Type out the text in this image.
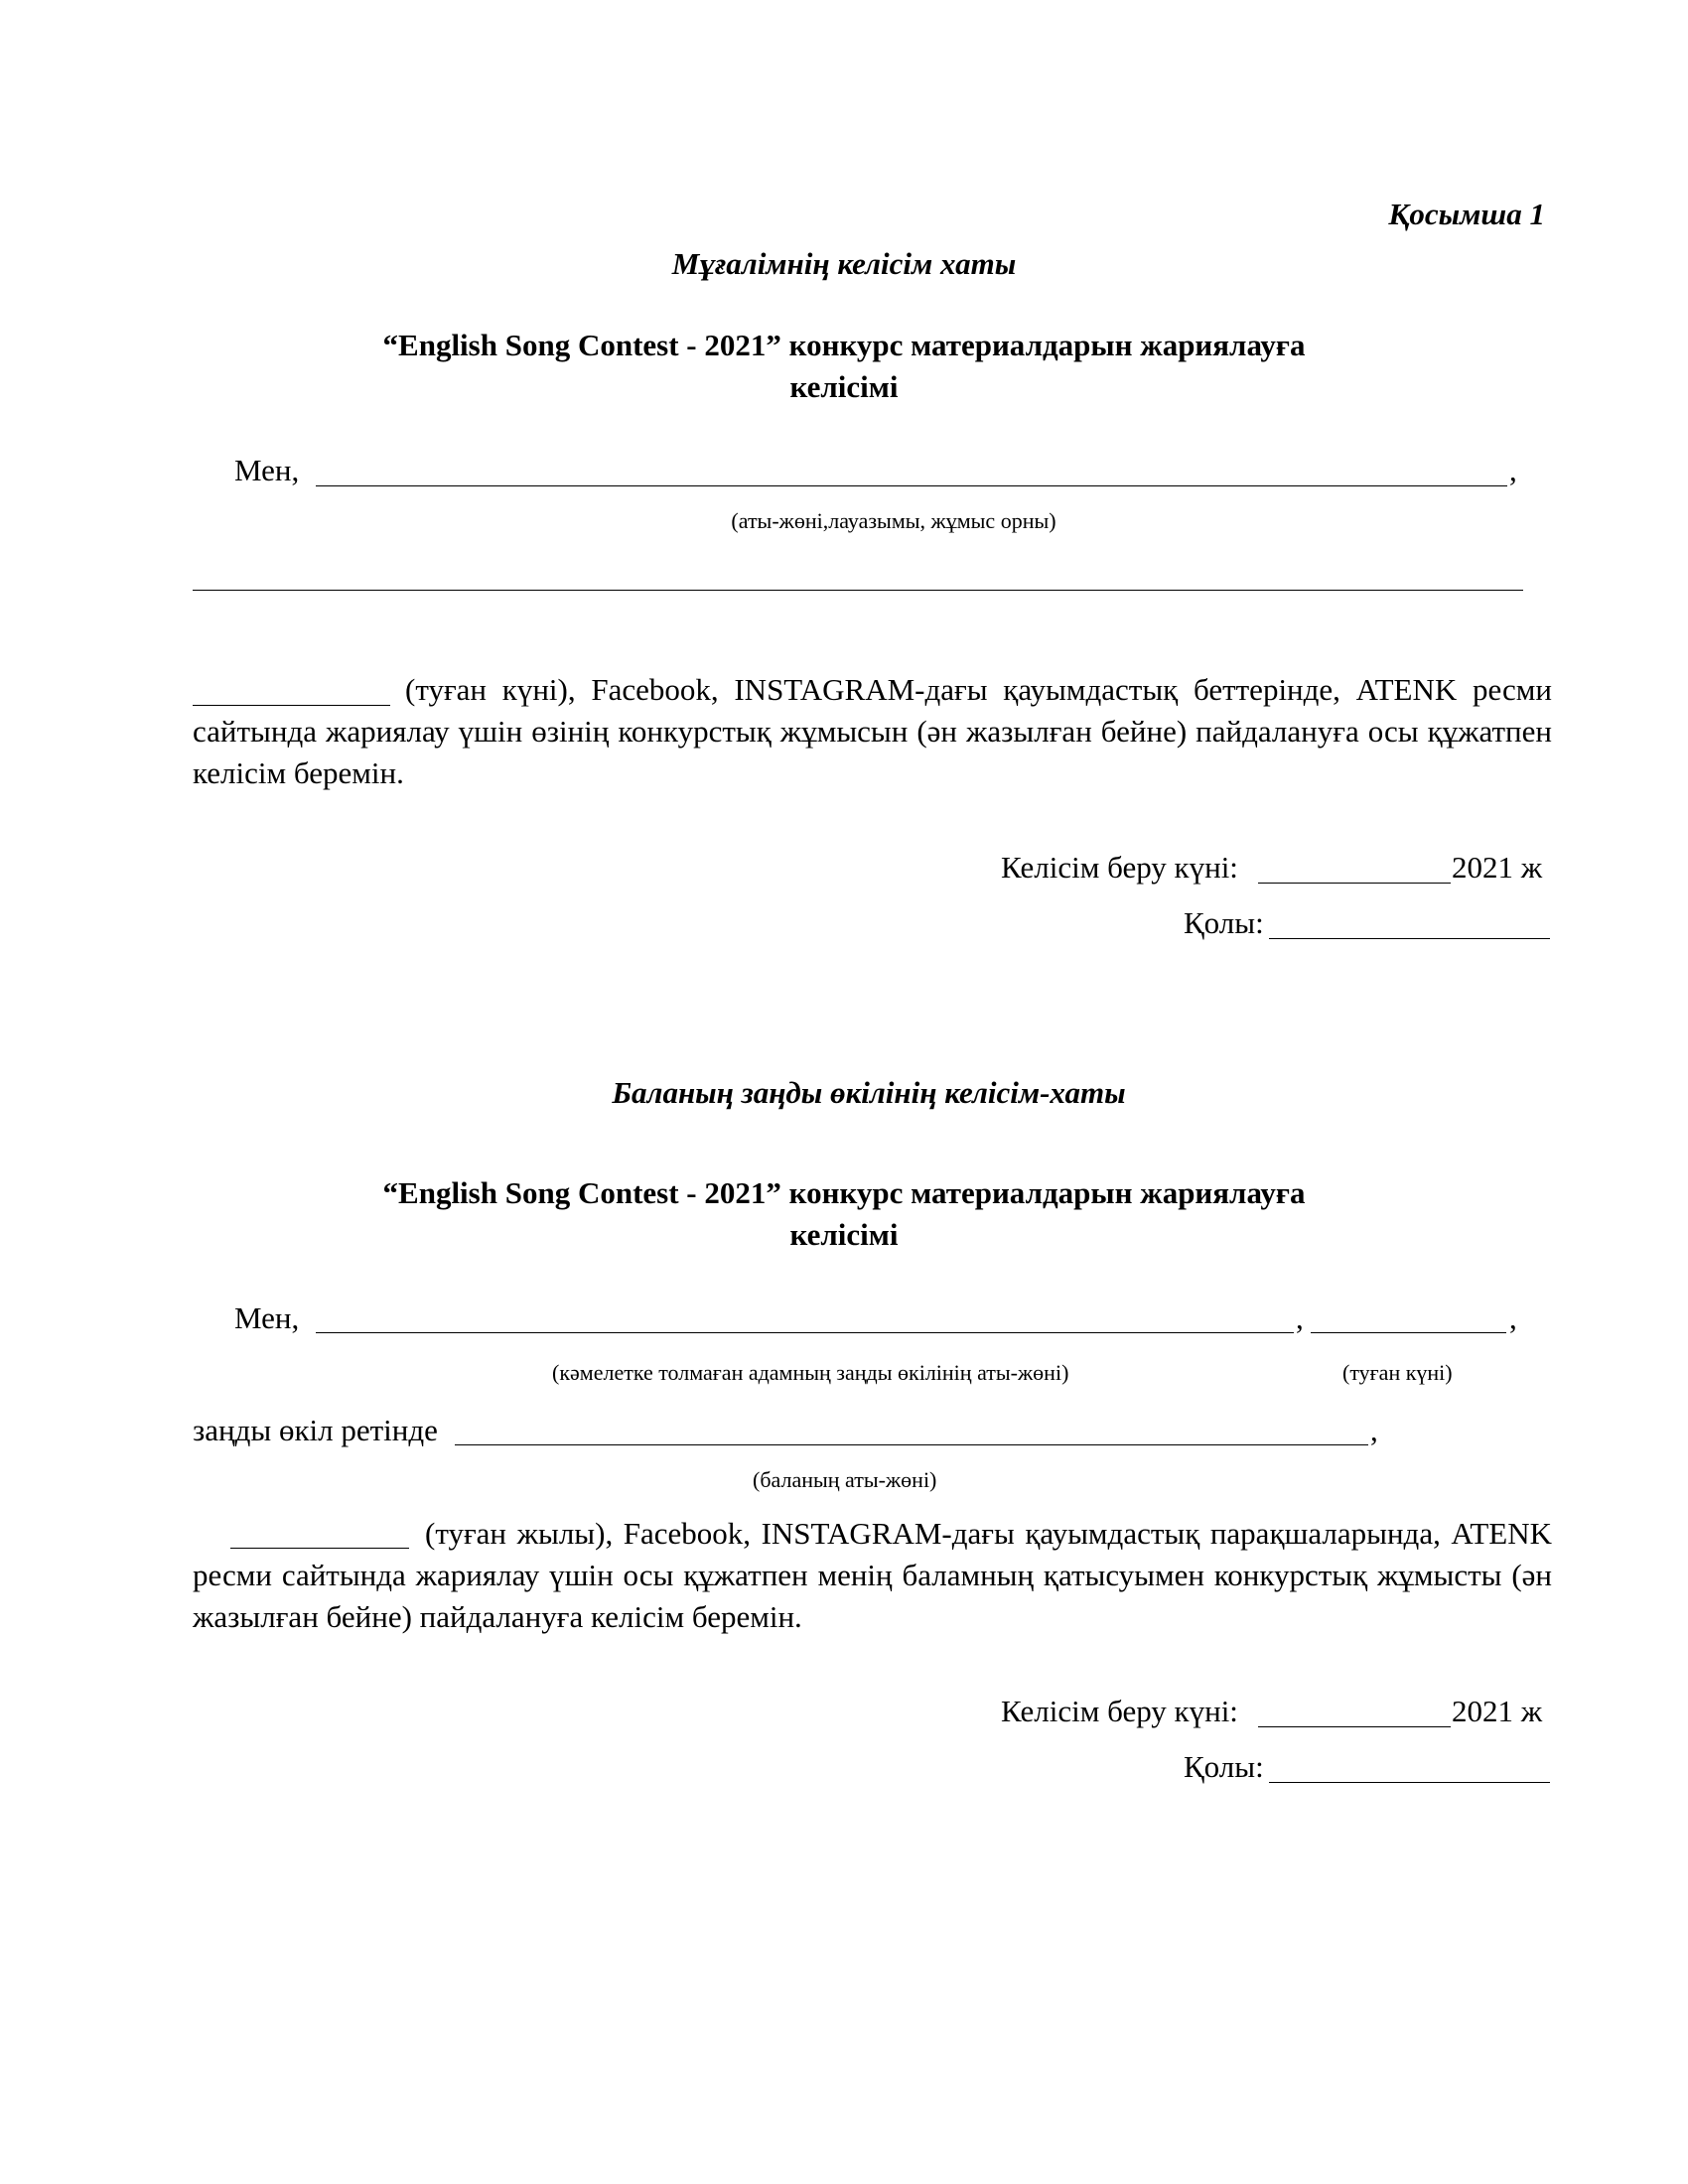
Қосымша 1
Мұғалімнің келісім хаты
“English Song Contest - 2021” конкурс материалдарын жариялауға
келісімі
Мен,	,
(аты-жөні,лауазымы, жұмыс орны)
(туған күні), Facebook, INSTAGRAM-дағы қауымдастық беттерінде, ATENK ресми сайтында жариялау үшін өзінің конкурстық жұмысын (ән жазылған бейне) пайдалануға осы құжатпен келісім беремін.
Келісім беру күні:	2021 ж
Қолы:
Баланың заңды өкілінің келісім-хаты
“English Song Contest - 2021” конкурс материалдарын жариялауға
келісімі
Мен,	,	,
(кәмелетке толмаған адамның заңды өкілінің аты-жөні)	(туған күні)
заңды өкіл ретінде	,
(баланың аты-жөні)
(туған жылы), Facebook, INSTAGRAM-дағы қауымдастық парақшаларында, ATENK ресми сайтында жариялау үшін осы құжатпен менің баламның қатысуымен конкурстық жұмысты (ән жазылған бейне) пайдалануға келісім беремін.
Келісім беру күні:	2021 ж
Қолы:
